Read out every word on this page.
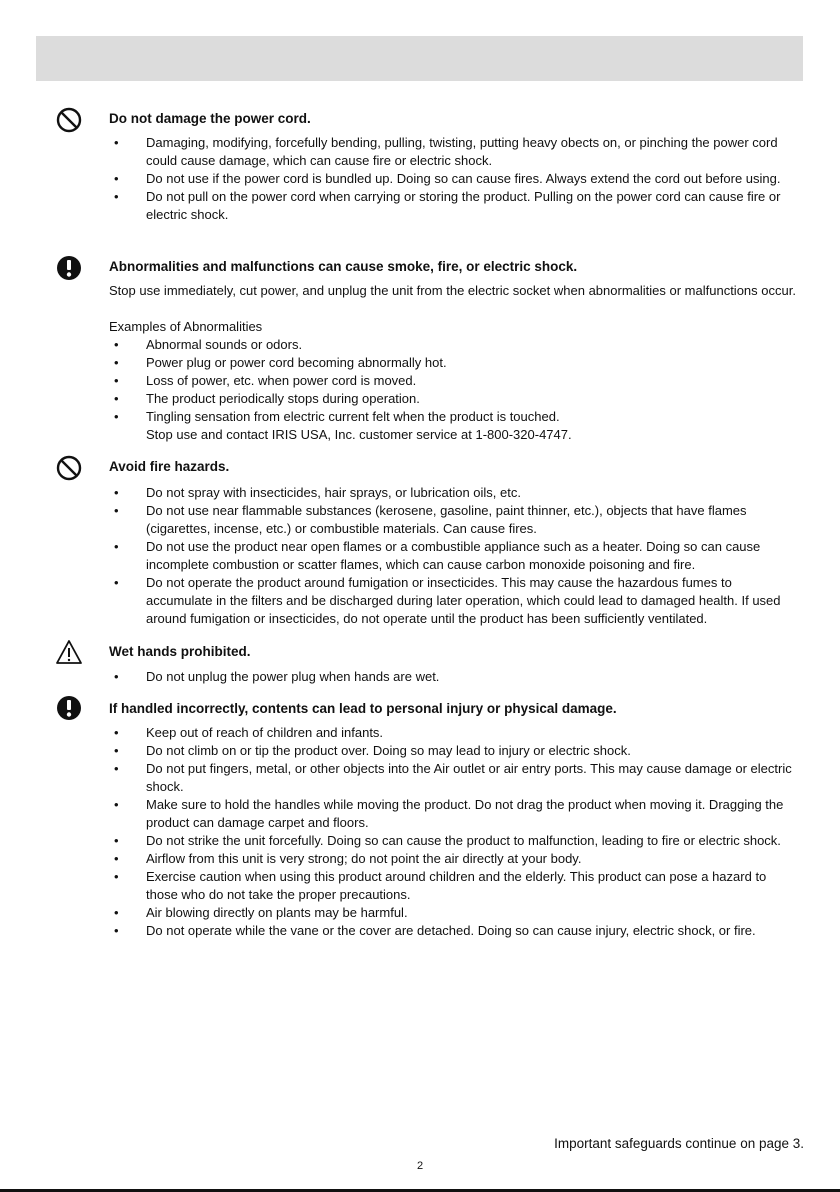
Do not damage the power cord.
• Damaging, modifying, forcefully bending, pulling, twisting, putting heavy obects on, or pinching the power cord could cause damage, which can cause fire or electric shock.
• Do not use if the power cord is bundled up. Doing so can cause fires. Always extend the cord out before using.
• Do not pull on the power cord when carrying or storing the product. Pulling on the power cord can cause fire or electric shock.
Abnormalities and malfunctions can cause smoke, fire, or electric shock.
Stop use immediately, cut power, and unplug the unit from the electric socket when abnormalities or malfunctions occur.
Examples of Abnormalities
• Abnormal sounds or odors.
• Power plug or power cord becoming abnormally hot.
• Loss of power, etc. when power cord is moved.
• The product periodically stops during operation.
• Tingling sensation from electric current felt when the product is touched.
Stop use and contact IRIS USA, Inc. customer service at 1-800-320-4747.
Avoid fire hazards.
• Do not spray with insecticides, hair sprays, or lubrication oils, etc.
• Do not use near flammable substances (kerosene, gasoline, paint thinner, etc.), objects that have flames (cigarettes, incense, etc.) or combustible materials. Can cause fires.
• Do not use the product near open flames or a combustible appliance such as a heater. Doing so can cause incomplete combustion or scatter flames, which can cause carbon monoxide poisoning and fire.
• Do not operate the product around fumigation or insecticides. This may cause the hazardous fumes to accumulate in the filters and be discharged during later operation, which could lead to damaged health. If used around fumigation or insecticides, do not operate until the product has been sufficiently ventilated.
Wet hands prohibited.
• Do not unplug the power plug when hands are wet.
If handled incorrectly, contents can lead to personal injury or physical damage.
• Keep out of reach of children and infants.
• Do not climb on or tip the product over. Doing so may lead to injury or electric shock.
• Do not put fingers, metal, or other objects into the Air outlet or air entry ports. This may cause damage or electric shock.
• Make sure to hold the handles while moving the product. Do not drag the product when moving it. Dragging the product can damage carpet and floors.
• Do not strike the unit forcefully. Doing so can cause the product to malfunction, leading to fire or electric shock.
• Airflow from this unit is very strong; do not point the air directly at your body.
• Exercise caution when using this product around children and the elderly. This product can pose a hazard to those who do not take the proper precautions.
• Air blowing directly on plants may be harmful.
• Do not operate while the vane or the cover are detached. Doing so can cause injury, electric shock, or fire.
Important safeguards continue on page 3.
2
